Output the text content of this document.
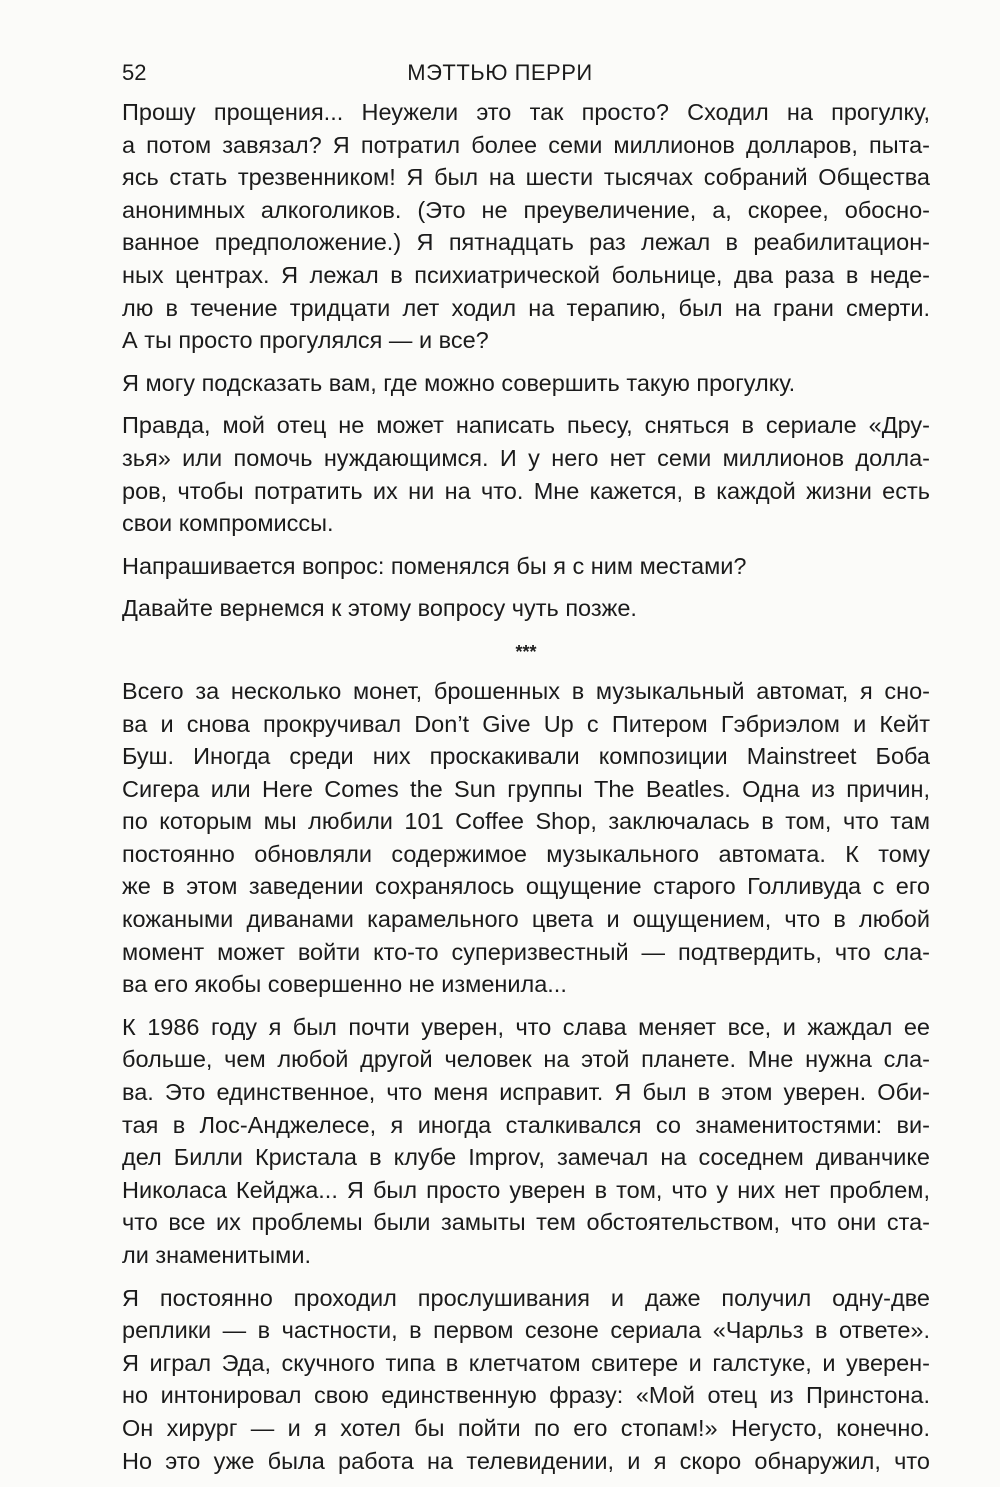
52	МЭТТЬЮ ПЕРРИ
Прошу прощения... Неужели это так просто? Сходил на прогулку,
а потом завязал? Я потратил более семи миллионов долларов, пыта-
ясь стать трезвенником! Я был на шести тысячах собраний Общества
анонимных алкоголиков. (Это не преувеличение, а, скорее, обосно-
ванное предположение.) Я пятнадцать раз лежал в реабилитацион-
ных центрах. Я лежал в психиатрической больнице, два раза в неде-
лю в течение тридцати лет ходил на терапию, был на грани смерти.
А ты просто прогулялся — и все?
Я могу подсказать вам, где можно совершить такую прогулку.
Правда, мой отец не может написать пьесу, сняться в сериале «Дру-
зья» или помочь нуждающимся. И у него нет семи миллионов долла-
ров, чтобы потратить их ни на что. Мне кажется, в каждой жизни есть
свои компромиссы.
Напрашивается вопрос: поменялся бы я с ним местами?
Давайте вернемся к этому вопросу чуть позже.
***
Всего за несколько монет, брошенных в музыкальный автомат, я сно-
ва и снова прокручивал Don’t Give Up с Питером Гэбриэлом и Кейт
Буш. Иногда среди них проскакивали композиции Mainstreet Боба
Сигера или Here Comes the Sun группы The Beatles. Одна из причин,
по которым мы любили 101 Coffee Shop, заключалась в том, что там
постоянно обновляли содержимое музыкального автомата. К тому
же в этом заведении сохранялось ощущение старого Голливуда с его
кожаными диванами карамельного цвета и ощущением, что в любой
момент может войти кто-то суперизвестный — подтвердить, что сла-
ва его якобы совершенно не изменила...
К 1986 году я был почти уверен, что слава меняет все, и жаждал ее
больше, чем любой другой человек на этой планете. Мне нужна сла-
ва. Это единственное, что меня исправит. Я был в этом уверен. Оби-
тая в Лос-Анджелесе, я иногда сталкивался со знаменитостями: ви-
дел Билли Кристала в клубе Improv, замечал на соседнем диванчике
Николаса Кейджа... Я был просто уверен в том, что у них нет проблем,
что все их проблемы были замыты тем обстоятельством, что они ста-
ли знаменитыми.
Я постоянно проходил прослушивания и даже получил одну-две
реплики — в частности, в первом сезоне сериала «Чарльз в ответе».
Я играл Эда, скучного типа в клетчатом свитере и галстуке, и уверен-
но интонировал свою единственную фразу: «Мой отец из Принстона.
Он хирург — и я хотел бы пойти по его стопам!» Негусто, конечно.
Но это уже была работа на телевидении, и я скоро обнаружил, что
